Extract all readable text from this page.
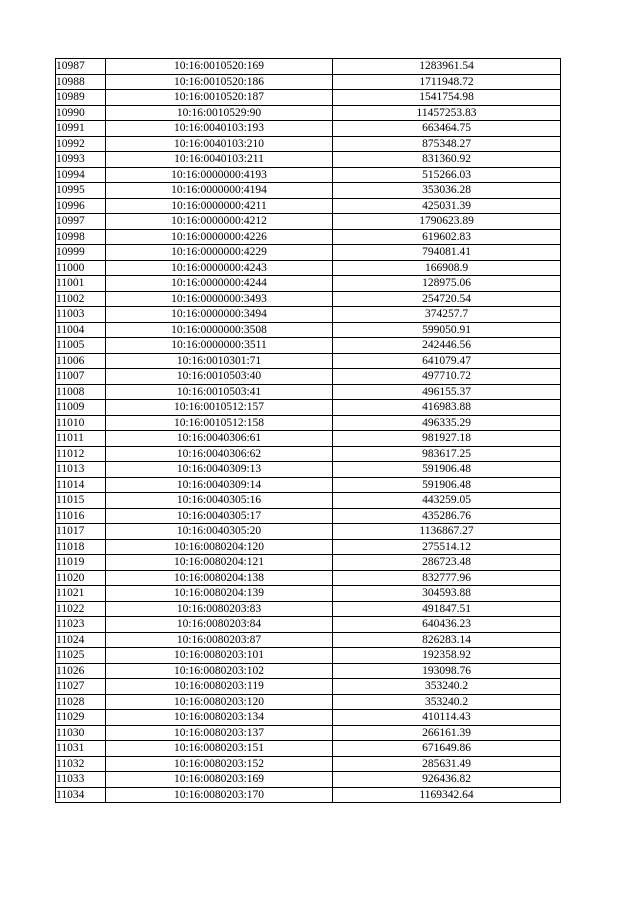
10987	10:16:0010520:169	1283961.54
10988	10:16:0010520:186	1711948.72
10989	10:16:0010520:187	1541754.98
10990	10:16:0010529:90	11457253.83
10991	10:16:0040103:193	663464.75
10992	10:16:0040103:210	875348.27
10993	10:16:0040103:211	831360.92
10994	10:16:0000000:4193	515266.03
10995	10:16:0000000:4194	353036.28
10996	10:16:0000000:4211	425031.39
10997	10:16:0000000:4212	1790623.89
10998	10:16:0000000:4226	619602.83
10999	10:16:0000000:4229	794081.41
11000	10:16:0000000:4243	166908.9
11001	10:16:0000000:4244	128975.06
11002	10:16:0000000:3493	254720.54
11003	10:16:0000000:3494	374257.7
11004	10:16:0000000:3508	599050.91
11005	10:16:0000000:3511	242446.56
11006	10:16:0010301:71	641079.47
11007	10:16:0010503:40	497710.72
11008	10:16:0010503:41	496155.37
11009	10:16:0010512:157	416983.88
11010	10:16:0010512:158	496335.29
11011	10:16:0040306:61	981927.18
11012	10:16:0040306:62	983617.25
11013	10:16:0040309:13	591906.48
11014	10:16:0040309:14	591906.48
11015	10:16:0040305:16	443259.05
11016	10:16:0040305:17	435286.76
11017	10:16:0040305:20	1136867.27
11018	10:16:0080204:120	275514.12
11019	10:16:0080204:121	286723.48
11020	10:16:0080204:138	832777.96
11021	10:16:0080204:139	304593.88
11022	10:16:0080203:83	491847.51
11023	10:16:0080203:84	640436.23
11024	10:16:0080203:87	826283.14
11025	10:16:0080203:101	192358.92
11026	10:16:0080203:102	193098.76
11027	10:16:0080203:119	353240.2
11028	10:16:0080203:120	353240.2
11029	10:16:0080203:134	410114.43
11030	10:16:0080203:137	266161.39
11031	10:16:0080203:151	671649.86
11032	10:16:0080203:152	285631.49
11033	10:16:0080203:169	926436.82
11034	10:16:0080203:170	1169342.64
